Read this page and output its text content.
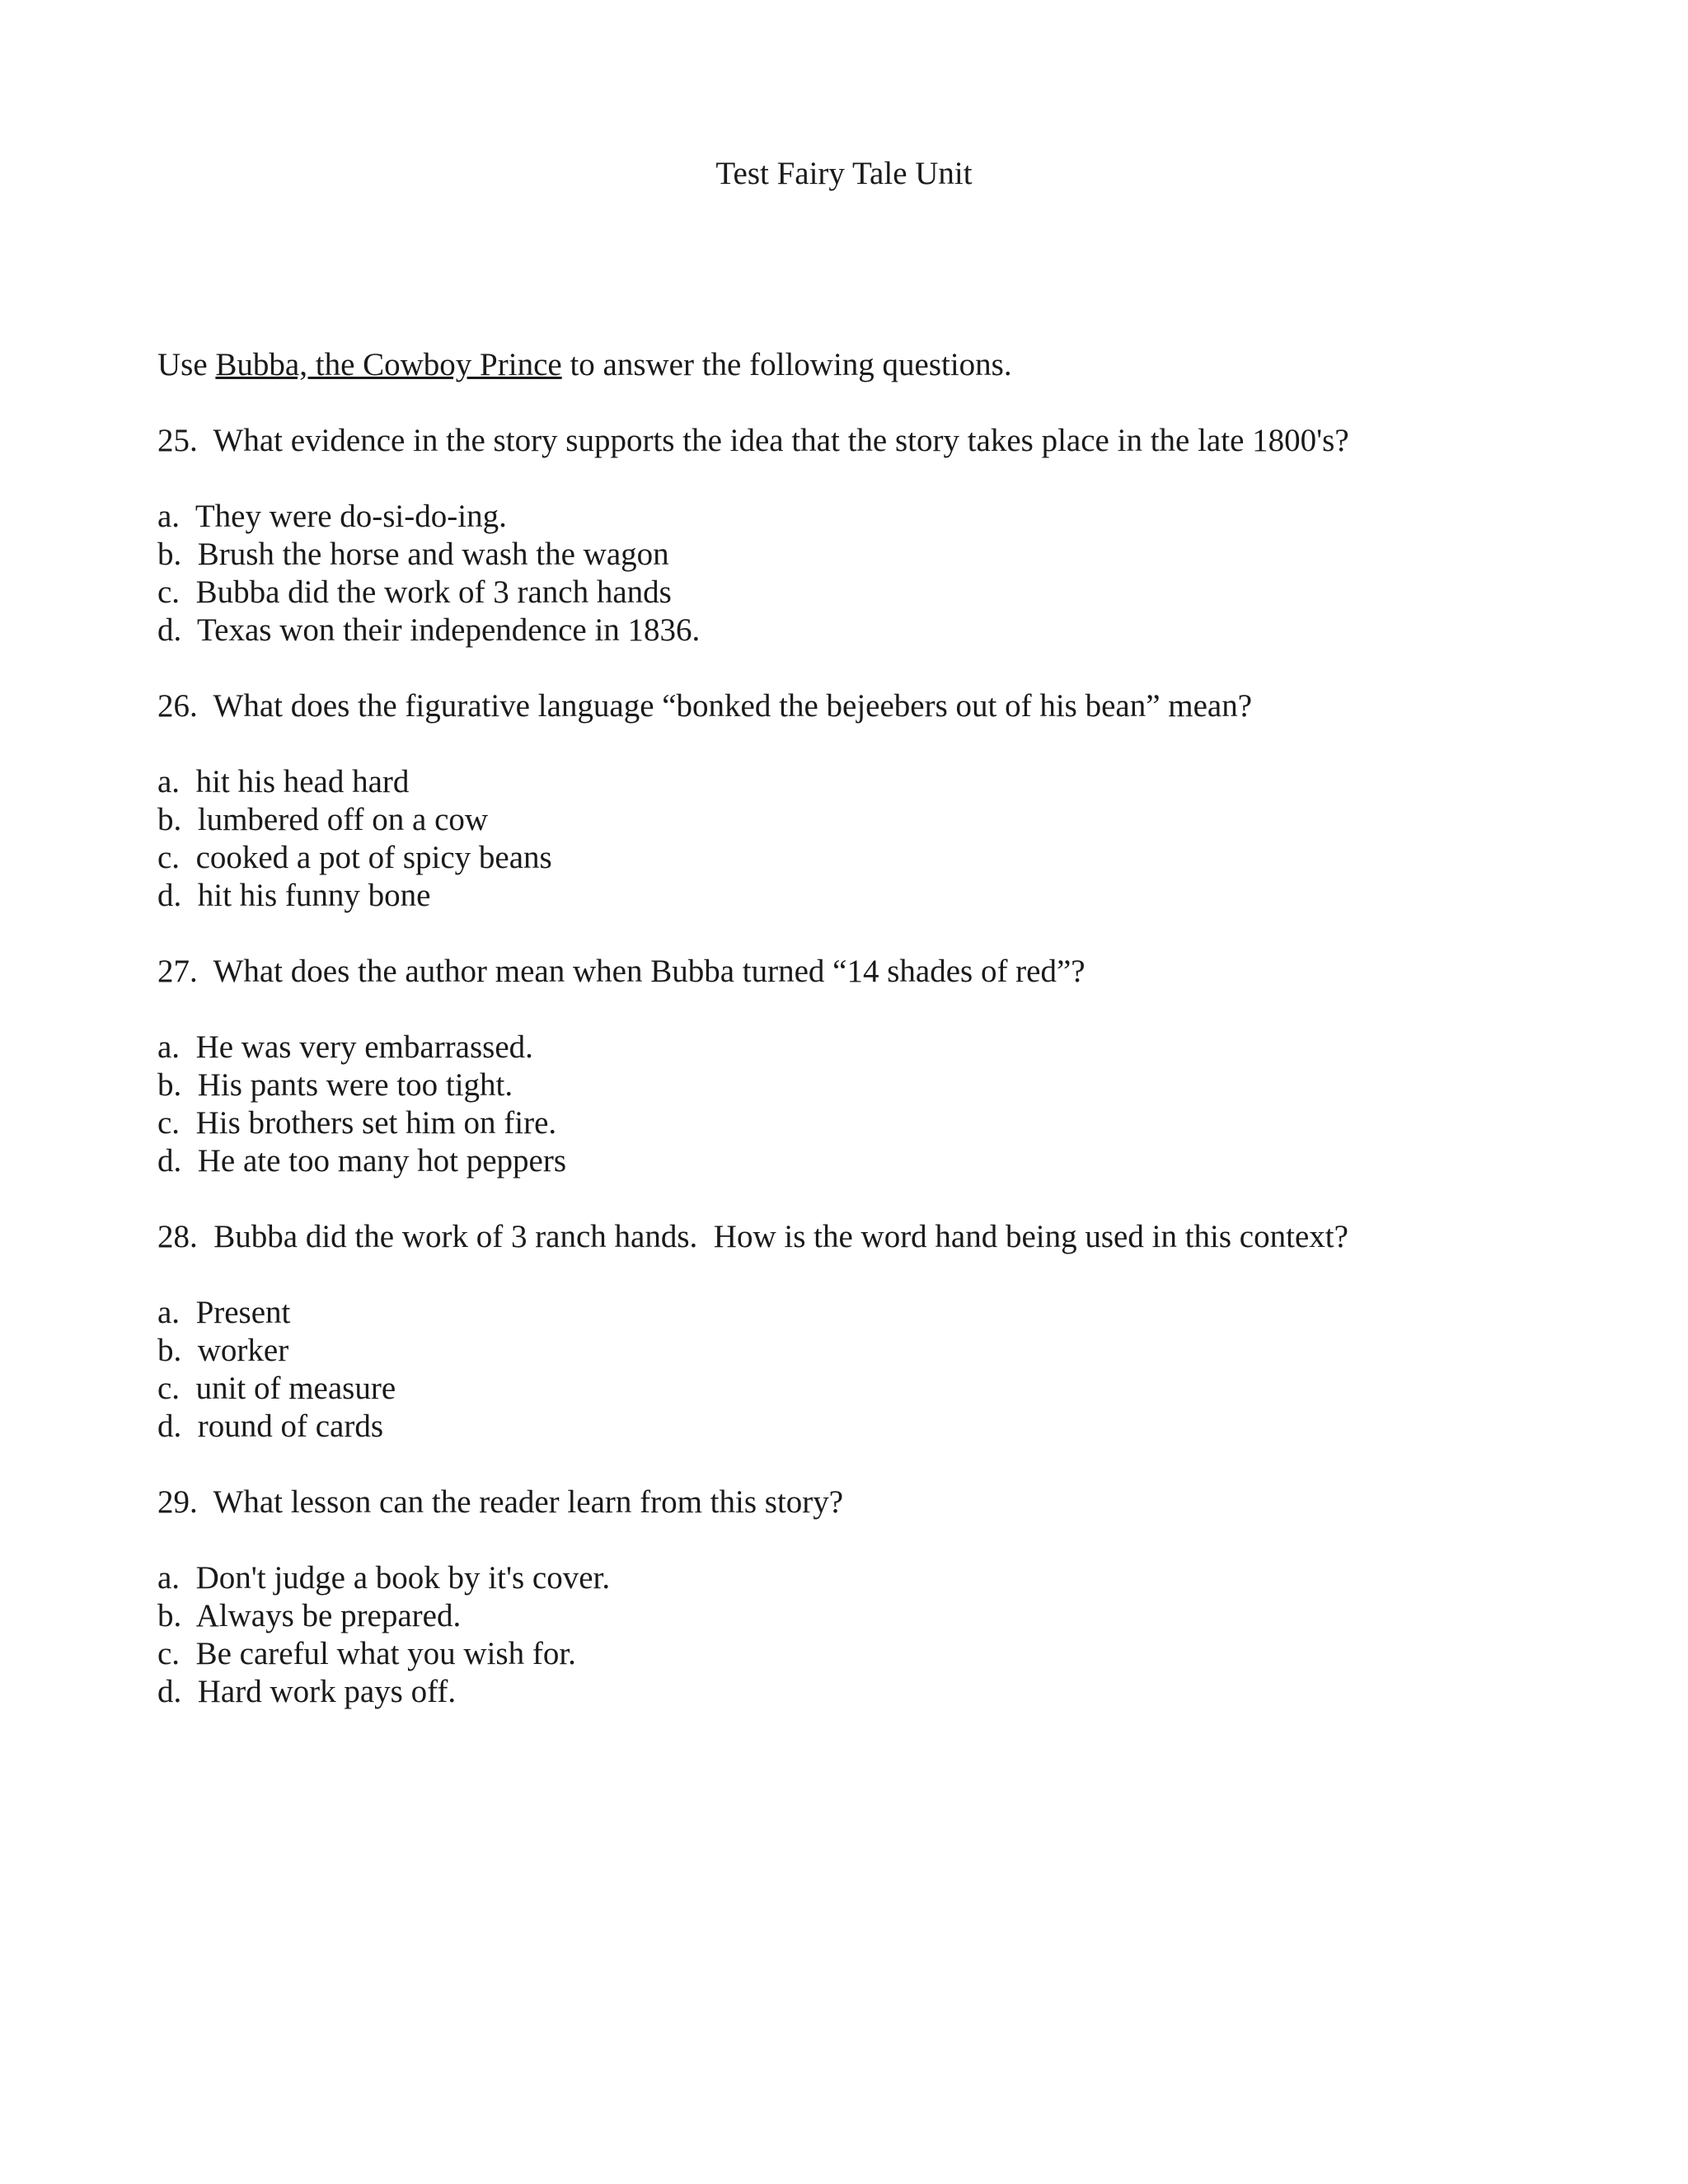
Test Fairy Tale Unit

Use Bubba, the Cowboy Prince to answer the following questions.

25. What evidence in the story supports the idea that the story takes place in the late 1800's?

a. They were do-si-do-ing.
b. Brush the horse and wash the wagon
c. Bubba did the work of 3 ranch hands
d. Texas won their independence in 1836.

26. What does the figurative language “bonked the bejeebers out of his bean” mean?

a. hit his head hard
b. lumbered off on a cow
c. cooked a pot of spicy beans
d. hit his funny bone

27. What does the author mean when Bubba turned “14 shades of red”?

a. He was very embarrassed.
b. His pants were too tight.
c. His brothers set him on fire.
d. He ate too many hot peppers

28. Bubba did the work of 3 ranch hands.  How is the word hand being used in this context?

a. Present
b. worker
c. unit of measure
d. round of cards

29. What lesson can the reader learn from this story?

a. Don't judge a book by it's cover.
b. Always be prepared.
c. Be careful what you wish for.
d. Hard work pays off.
